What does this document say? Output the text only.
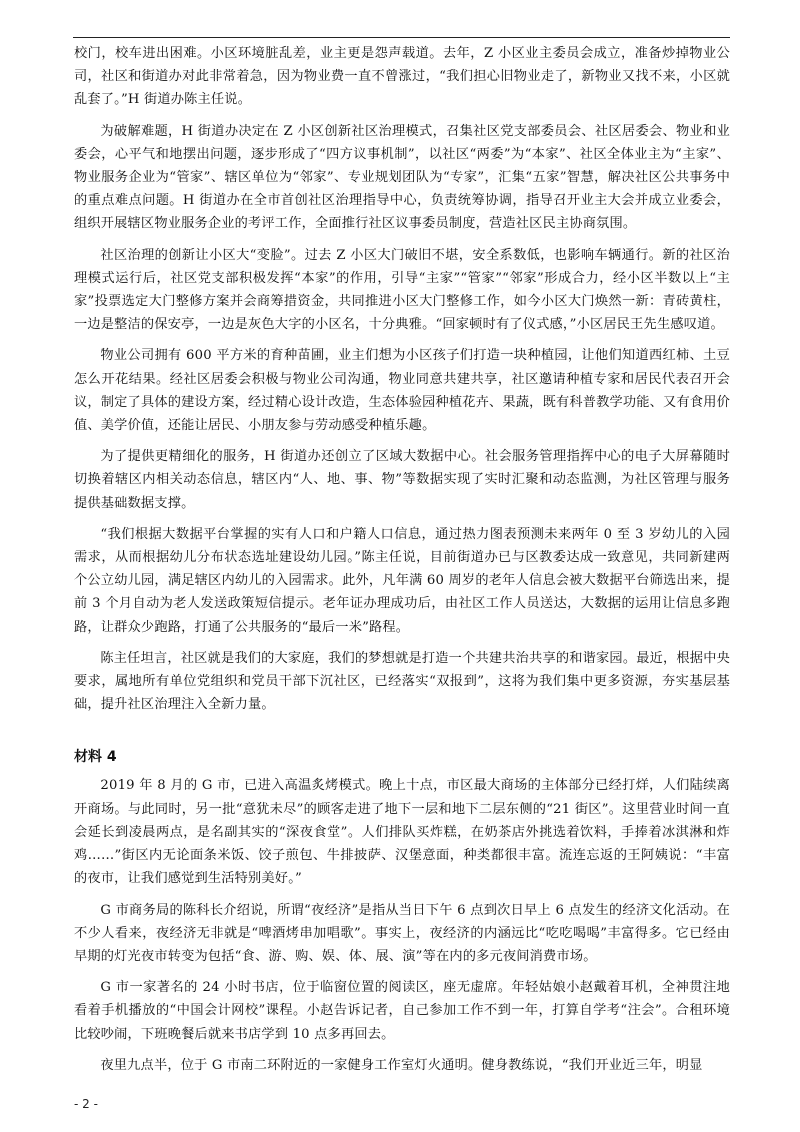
校门，校车进出困难。小区环境脏乱差，业主更是怨声载道。去年，Z 小区业主委员会成立，准备炒掉物业公司，社区和街道办对此非常着急，因为物业费一直不曾涨过，“我们担心旧物业走了，新物业又找不来，小区就乱套了。”H 街道办陈主任说。

为破解难题，H 街道办决定在 Z 小区创新社区治理模式，召集社区党支部委员会、社区居委会、物业和业委会，心平气和地摆出问题，逐步形成了“四方议事机制”，以社区“两委”为“本家”、社区全体业主为“主家”、物业服务企业为“管家”、辖区单位为“邻家”、专业规划团队为“专家”，汇集“五家”智慧，解决社区公共事务中的重点难点问题。H 街道办在全市首创社区治理指导中心，负责统筹协调，指导召开业主大会并成立业委会，组织开展辖区物业服务企业的考评工作，全面推行社区议事委员制度，营造社区民主协商氛围。

社区治理的创新让小区大“变脸”。过去 Z 小区大门破旧不堪，安全系数低，也影响车辆通行。新的社区治理模式运行后，社区党支部积极发挥“本家”的作用，引导“主家”“管家”“邻家”形成合力，经小区半数以上“主家”投票选定大门整修方案并会商筹措资金，共同推进小区大门整修工作，如今小区大门焕然一新：青砖黄柱，一边是整洁的保安亭，一边是灰色大字的小区名，十分典雅。“回家顿时有了仪式感，”小区居民王先生感叹道。

物业公司拥有 600 平方米的育种苗圃，业主们想为小区孩子们打造一块种植园，让他们知道西红柿、土豆怎么开花结果。经社区居委会积极与物业公司沟通，物业同意共建共享，社区邀请种植专家和居民代表召开会议，制定了具体的建设方案，经过精心设计改造，生态体验园种植花卉、果蔬，既有科普教学功能、又有食用价值、美学价值，还能让居民、小朋友参与劳动感受种植乐趣。

为了提供更精细化的服务，H 街道办还创立了区域大数据中心。社会服务管理指挥中心的电子大屏幕随时切换着辖区内相关动态信息，辖区内“人、地、事、物”等数据实现了实时汇聚和动态监测，为社区管理与服务提供基础数据支撑。

“我们根据大数据平台掌握的实有人口和户籍人口信息，通过热力图表预测未来两年 0 至 3 岁幼儿的入园需求，从而根据幼儿分布状态选址建设幼儿园。”陈主任说，目前街道办已与区教委达成一致意见，共同新建两个公立幼儿园，满足辖区内幼儿的入园需求。此外，凡年满 60 周岁的老年人信息会被大数据平台筛选出来，提前 3 个月自动为老人发送政策短信提示。老年证办理成功后，由社区工作人员送达，大数据的运用让信息多跑路，让群众少跑路，打通了公共服务的“最后一米”路程。

陈主任坦言，社区就是我们的大家庭，我们的梦想就是打造一个共建共治共享的和谐家园。最近，根据中央要求，属地所有单位党组织和党员干部下沉社区，已经落实“双报到”，这将为我们集中更多资源，夯实基层基础，提升社区治理注入全新力量。

材料 4

2019 年 8 月的 G 市，已进入高温炙烤模式。晚上十点，市区最大商场的主体部分已经打烊，人们陆续离开商场。与此同时，另一批“意犹未尽”的顾客走进了地下一层和地下二层东侧的“21 街区”。这里营业时间一直会延长到凌晨两点，是名副其实的“深夜食堂”。人们排队买炸糕，在奶茶店外挑选着饮料，手捧着冰淇淋和炸鸡……”街区内无论面条米饭、饺子煎包、牛排披萨、汉堡意面，种类都很丰富。流连忘返的王阿姨说：“丰富的夜市，让我们感觉到生活特别美好。”

G 市商务局的陈科长介绍说，所谓“夜经济”是指从当日下午 6 点到次日早上 6 点发生的经济文化活动。在不少人看来，夜经济无非就是“啤酒烤串加唱歌”。事实上，夜经济的内涵远比“吃吃喝喝”丰富得多。它已经由早期的灯光夜市转变为包括“食、游、购、娱、体、展、演”等在内的多元夜间消费市场。

G 市一家著名的 24 小时书店，位于临窗位置的阅读区，座无虚席。年轻姑娘小赵戴着耳机，全神贯注地看着手机播放的“中国会计网校”课程。小赵告诉记者，自己参加工作不到一年，打算自学考“注会”。合租环境比较吵闹，下班晚餐后就来书店学到 10 点多再回去。

夜里九点半，位于 G 市南二环附近的一家健身工作室灯火通明。健身教练说，“我们开业近三年，明显

- 2 -
